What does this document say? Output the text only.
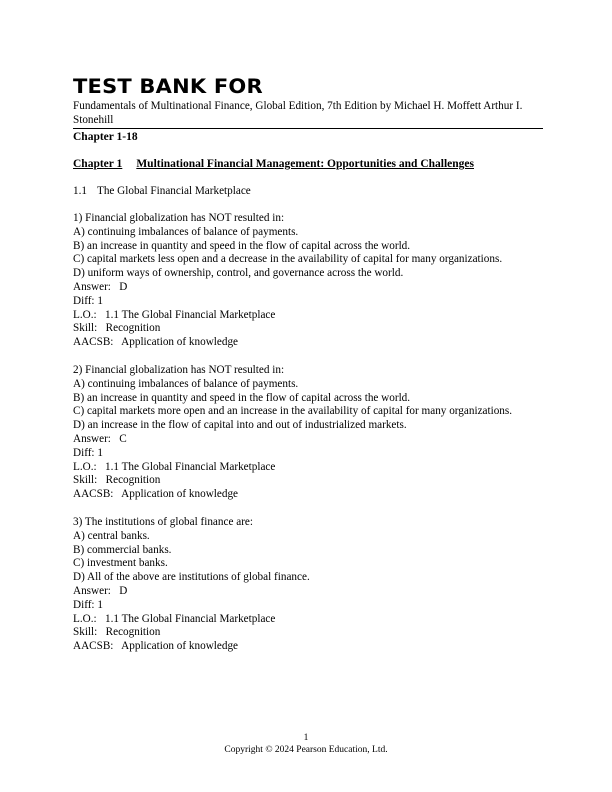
TEST BANK FOR
Fundamentals of Multinational Finance, Global Edition, 7th Edition by Michael H. Moffett Arthur I. Stonehill
Chapter 1-18
Chapter 1 Multinational Financial Management: Opportunities and Challenges
1.1 The Global Financial Marketplace
1) Financial globalization has NOT resulted in:
A) continuing imbalances of balance of payments.
B) an increase in quantity and speed in the flow of capital across the world.
C) capital markets less open and a decrease in the availability of capital for many organizations.
D) uniform ways of ownership, control, and governance across the world.
Answer:   D
Diff: 1
L.O.:   1.1 The Global Financial Marketplace
Skill:   Recognition
AACSB:   Application of knowledge
2) Financial globalization has NOT resulted in:
A) continuing imbalances of balance of payments.
B) an increase in quantity and speed in the flow of capital across the world.
C) capital markets more open and an increase in the availability of capital for many organizations.
D) an increase in the flow of capital into and out of industrialized markets.
Answer:   C
Diff: 1
L.O.:   1.1 The Global Financial Marketplace
Skill:   Recognition
AACSB:   Application of knowledge
3) The institutions of global finance are:
A) central banks.
B) commercial banks.
C) investment banks.
D) All of the above are institutions of global finance.
Answer:   D
Diff: 1
L.O.:   1.1 The Global Financial Marketplace
Skill:   Recognition
AACSB:   Application of knowledge
1
Copyright © 2024 Pearson Education, Ltd.
